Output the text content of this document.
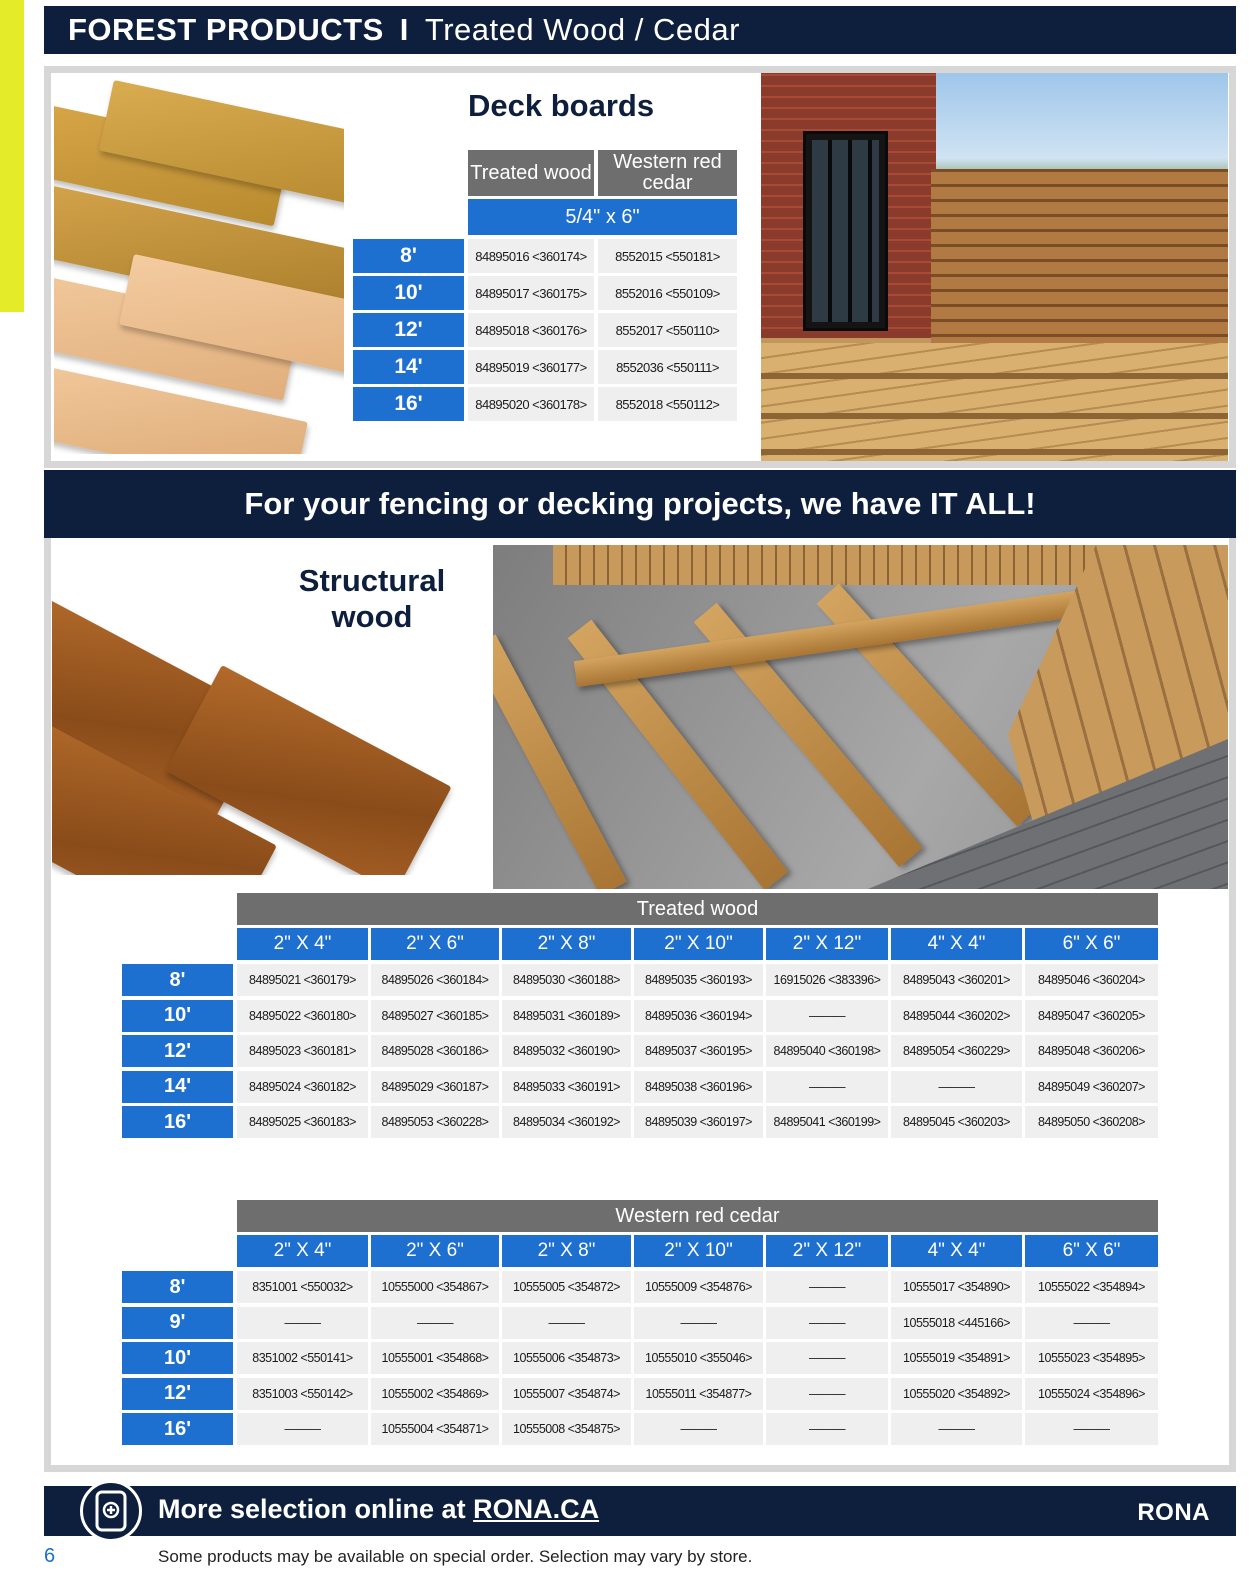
FOREST PRODUCTS I Treated Wood / Cedar
Deck boards
Treated wood	Western red cedar
5/4" x 6"
8'	84895016 <360174>	8552015 <550181>
10'	84895017 <360175>	8552016 <550109>
12'	84895018 <360176>	8552017 <550110>
14'	84895019 <360177>	8552036 <550111>
16'	84895020 <360178>	8552018 <550112>
For your fencing or decking projects, we have IT ALL!
Structural
wood
Treated wood
2" X 4"	2" X 6"	2" X 8"	2" X 10"	2" X 12"	4" X 4"	6" X 6"
8'	84895021 <360179>	84895026 <360184>	84895030 <360188>	84895035 <360193>	16915026 <383396>	84895043 <360201>	84895046 <360204>
10'	84895022 <360180>	84895027 <360185>	84895031 <360189>	84895036 <360194>	———	84895044 <360202>	84895047 <360205>
12'	84895023 <360181>	84895028 <360186>	84895032 <360190>	84895037 <360195>	84895040 <360198>	84895054 <360229>	84895048 <360206>
14'	84895024 <360182>	84895029 <360187>	84895033 <360191>	84895038 <360196>	———	———	84895049 <360207>
16'	84895025 <360183>	84895053 <360228>	84895034 <360192>	84895039 <360197>	84895041 <360199>	84895045 <360203>	84895050 <360208>
Western red cedar
2" X 4"	2" X 6"	2" X 8"	2" X 10"	2" X 12"	4" X 4"	6" X 6"
8'	8351001 <550032>	10555000 <354867>	10555005 <354872>	10555009 <354876>	———	10555017 <354890>	10555022 <354894>
9'	———	———	———	———	———	10555018 <445166>	———
10'	8351002 <550141>	10555001 <354868>	10555006 <354873>	10555010 <355046>	———	10555019 <354891>	10555023 <354895>
12'	8351003 <550142>	10555002 <354869>	10555007 <354874>	10555011 <354877>	———	10555020 <354892>	10555024 <354896>
16'	———	10555004 <354871>	10555008 <354875>	———	———	———	———
More selection online at RONA.CA	RONA
6	Some products may be available on special order. Selection may vary by store.
